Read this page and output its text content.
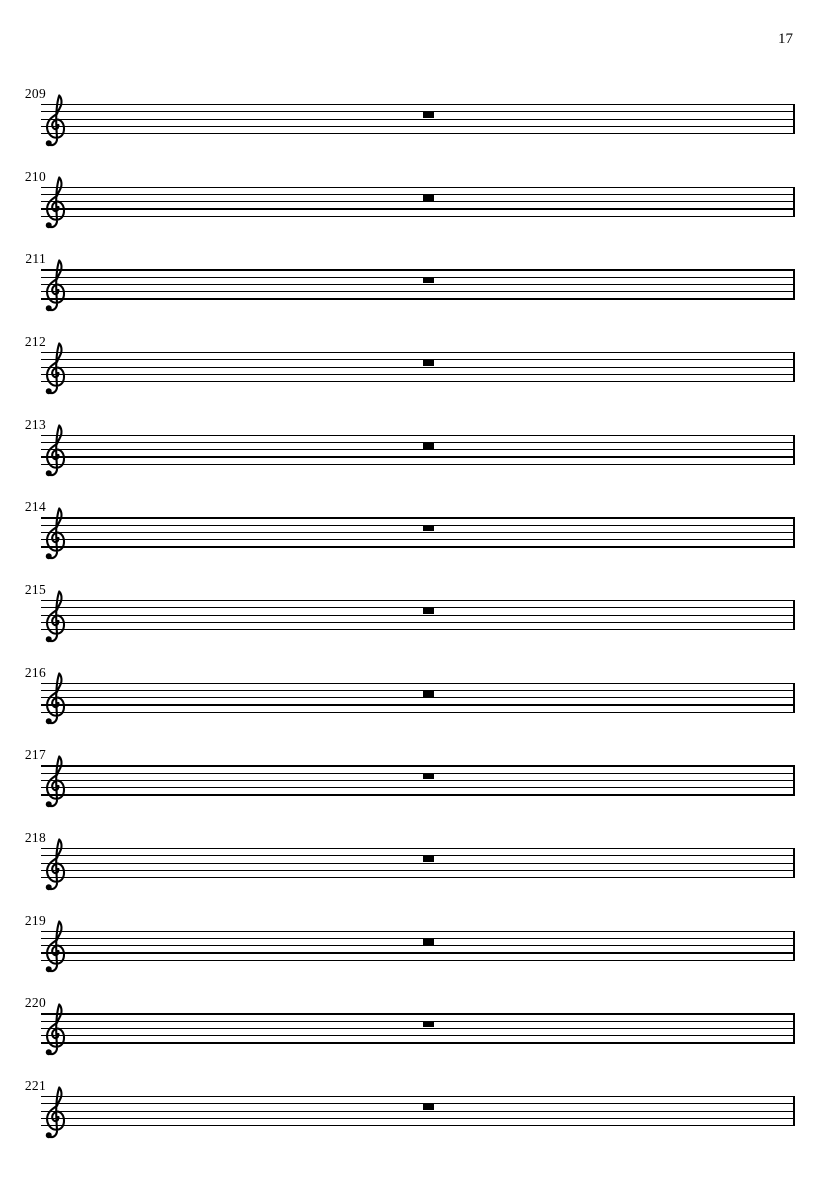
17
209
210
211
212
213
214
215
216
217
218
219
220
221
